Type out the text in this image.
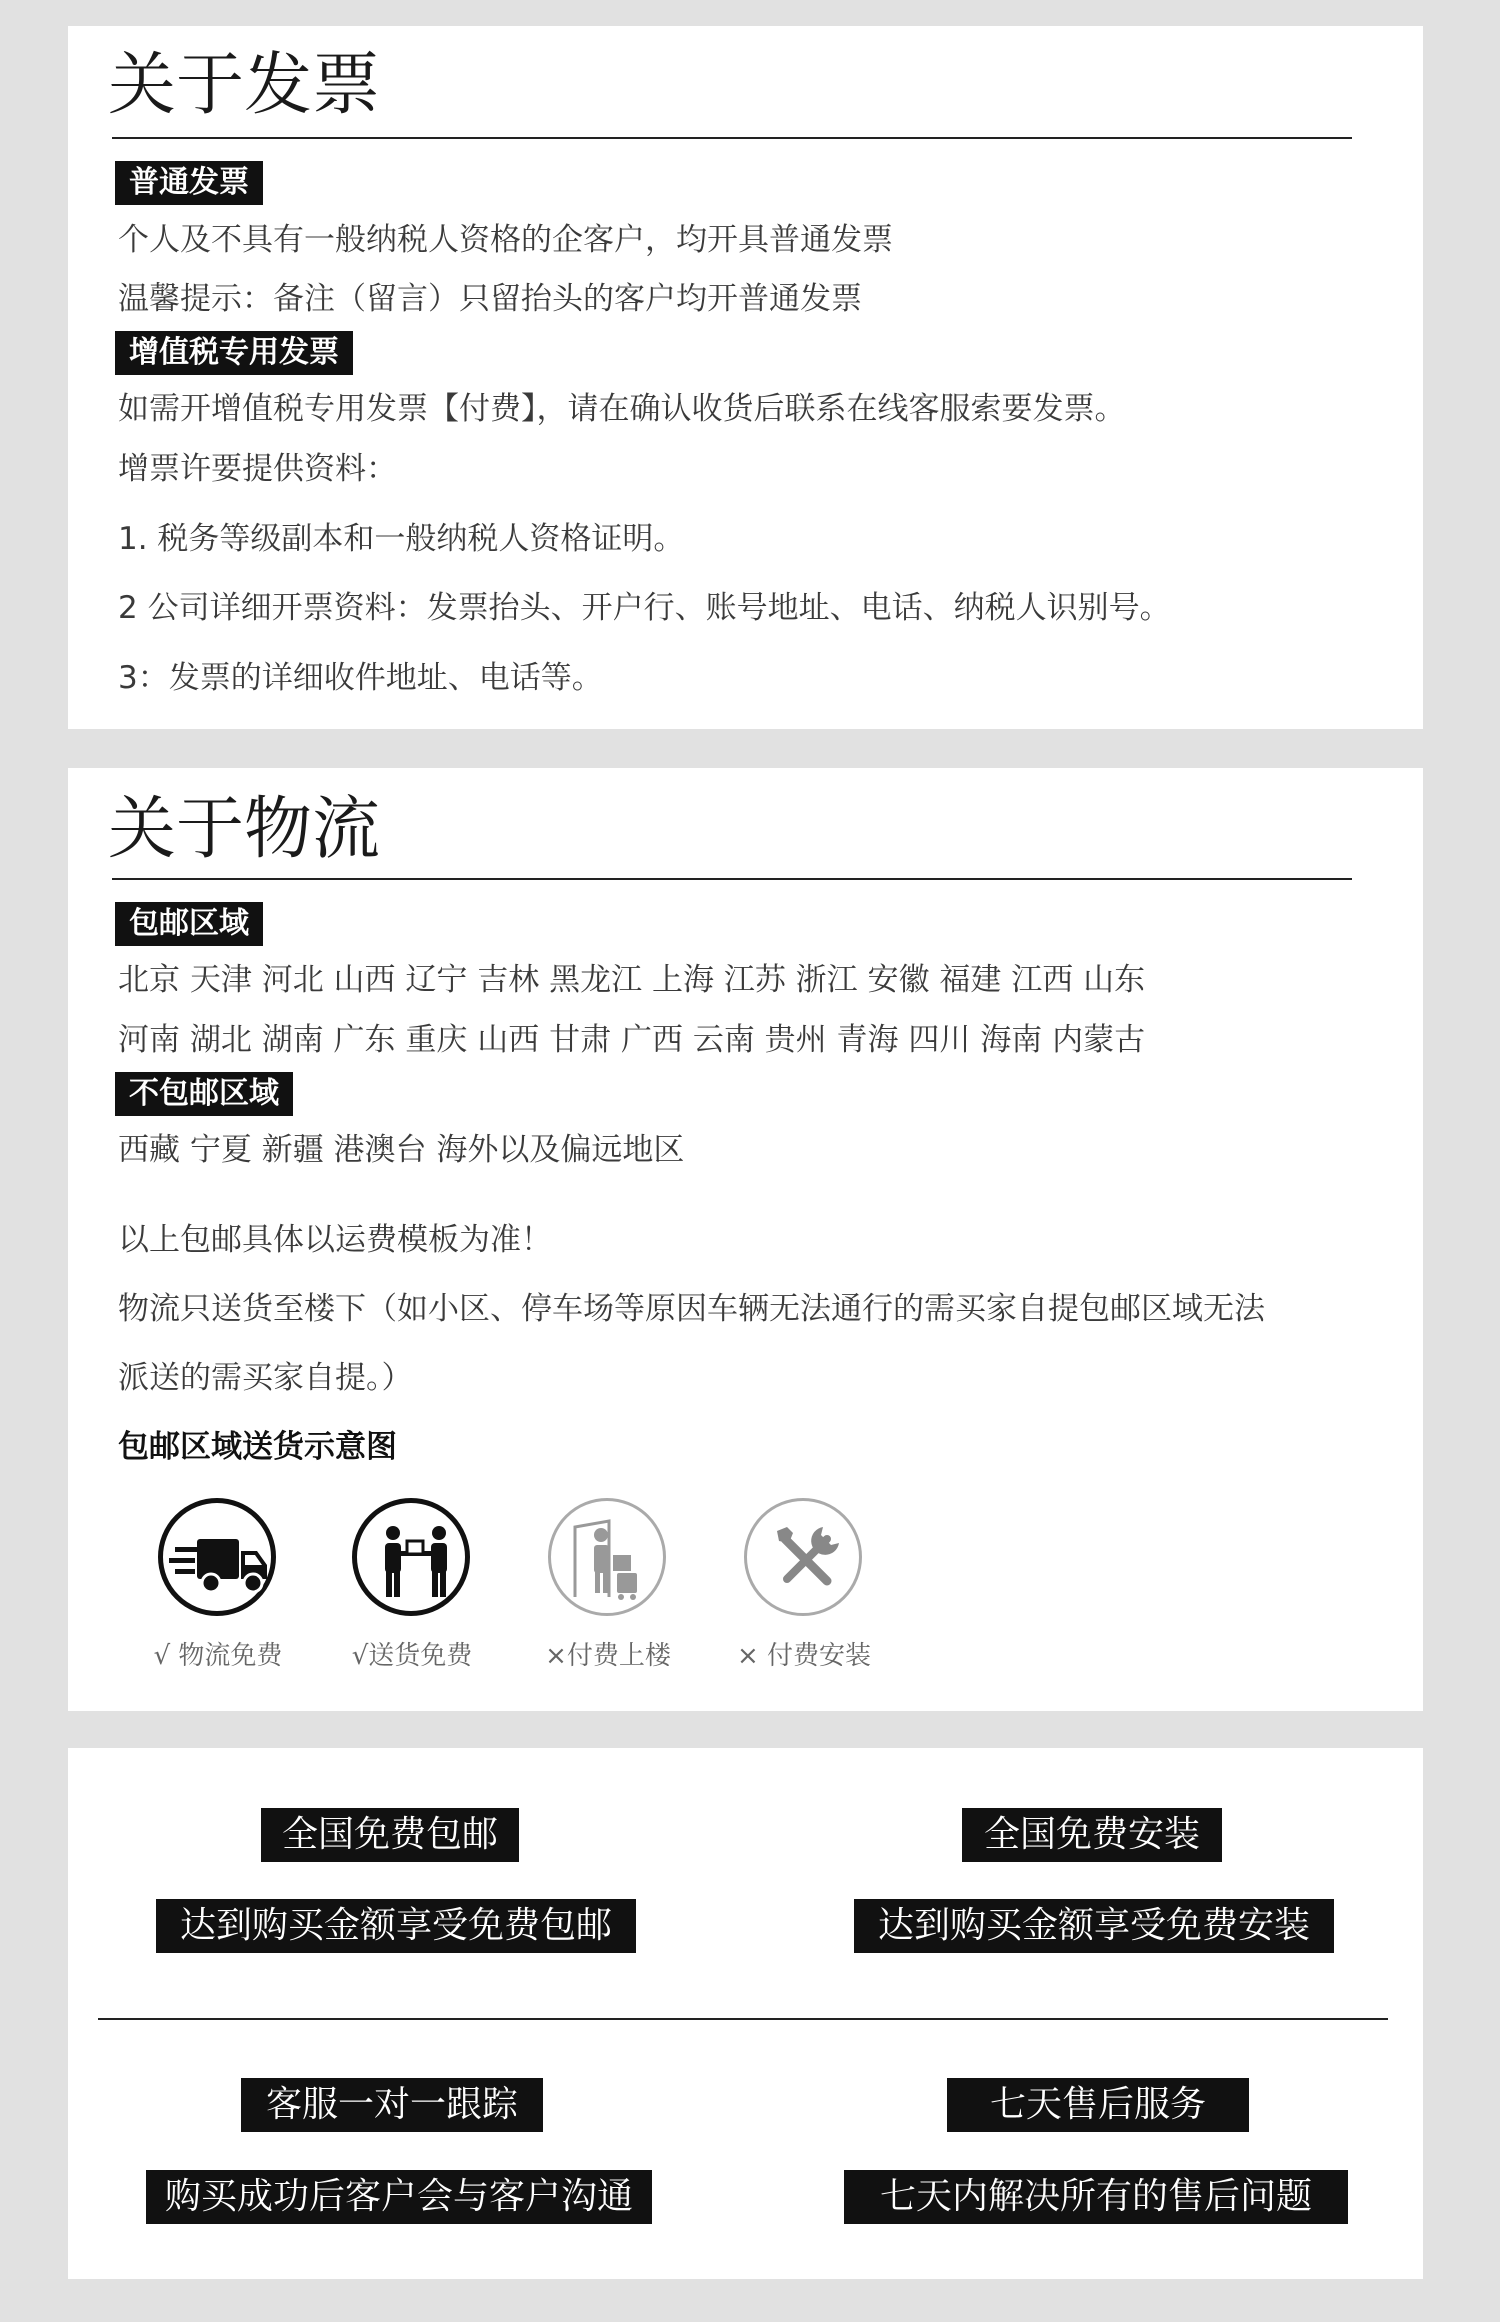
关于发票
普通发票

个人及不具有一般纳税人资格的企客户，均开具普通发票

温馨提示：备注（留言）只留抬头的客户均开普通发票

增值税专用发票

如需开增值税专用发票【付费】，请在确认收货后联系在线客服索要发票。

增票许要提供资料：

1. 税务等级副本和一般纳税人资格证明。

2 公司详细开票资料：发票抬头、开户行、账号地址、电话、纳税人识别号。

3：发票的详细收件地址、电话等。

关于物流
包邮区域

北京 天津 河北 山西 辽宁 吉林 黑龙江 上海 江苏 浙江 安徽 福建 江西 山东

河南 湖北 湖南 广东 重庆 山西 甘肃 广西 云南 贵州 青海 四川 海南 内蒙古

不包邮区域

西藏 宁夏 新疆 港澳台 海外以及偏远地区

以上包邮具体以运费模板为准！

物流只送货至楼下（如小区、停车场等原因车辆无法通行的需买家自提包邮区域无法

派送的需买家自提。）

包邮区域送货示意图

√ 物流免费	√送货免费	×付费上楼	× 付费安装
全国免费包邮
达到购买金额享受免费包邮
全国免费安装
达到购买金额享受免费安装
客服一对一跟踪
购买成功后客户会与客户沟通
七天售后服务
七天内解决所有的售后问题
